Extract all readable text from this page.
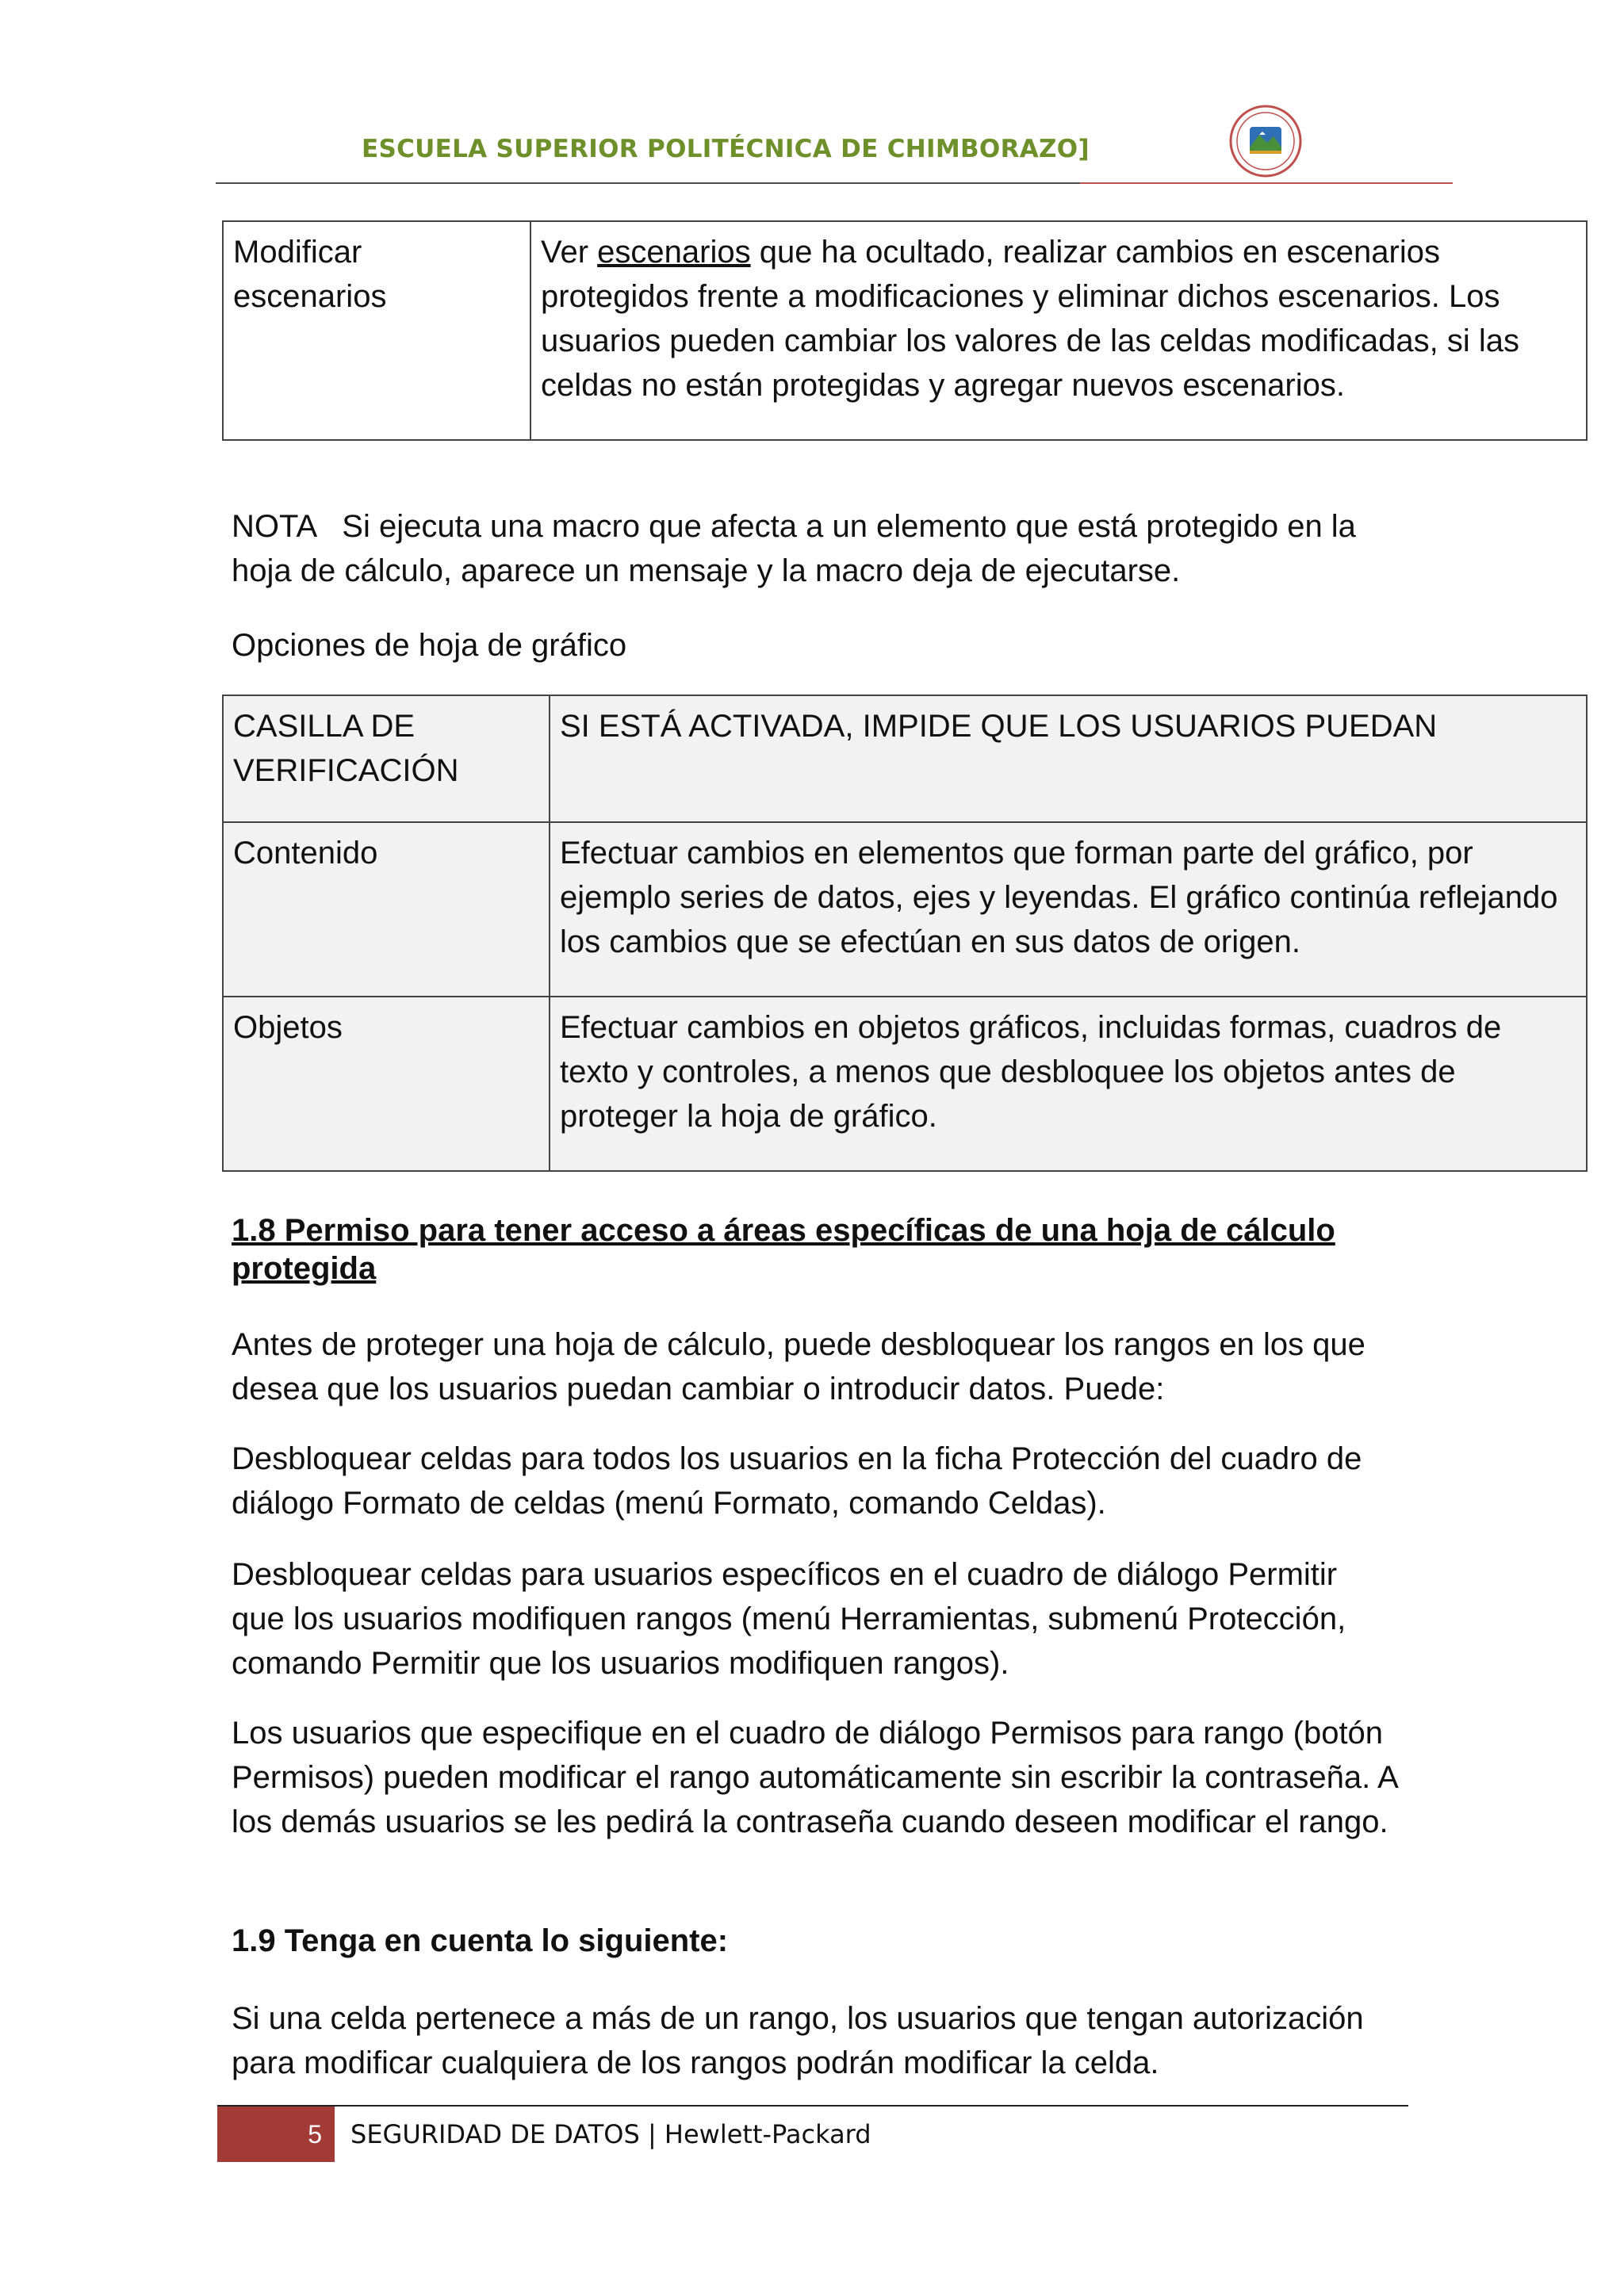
ESCUELA SUPERIOR POLITÉCNICA DE CHIMBORAZO]
Modificar
escenarios	Ver escenarios que ha ocultado, realizar cambios en escenarios protegidos frente a modificaciones y eliminar dichos escenarios. Los usuarios pueden cambiar los valores de las celdas modificadas, si las celdas no están protegidas y agregar nuevos escenarios.

NOTA   Si ejecuta una macro que afecta a un elemento que está protegido en la hoja de cálculo, aparece un mensaje y la macro deja de ejecutarse.

Opciones de hoja de gráfico

CASILLA DE VERIFICACIÓN	SI ESTÁ ACTIVADA, IMPIDE QUE LOS USUARIOS PUEDAN
Contenido	Efectuar cambios en elementos que forman parte del gráfico, por ejemplo series de datos, ejes y leyendas. El gráfico continúa reflejando los cambios que se efectúan en sus datos de origen.
Objetos	Efectuar cambios en objetos gráficos, incluidas formas, cuadros de texto y controles, a menos que desbloquee los objetos antes de proteger la hoja de gráfico.
1.8 Permiso para tener acceso a áreas específicas de una hoja de cálculo protegida

Antes de proteger una hoja de cálculo, puede desbloquear los rangos en los que desea que los usuarios puedan cambiar o introducir datos. Puede:

Desbloquear celdas para todos los usuarios en la ficha Protección del cuadro de diálogo Formato de celdas (menú Formato, comando Celdas).

Desbloquear celdas para usuarios específicos en el cuadro de diálogo Permitir que los usuarios modifiquen rangos (menú Herramientas, submenú Protección, comando Permitir que los usuarios modifiquen rangos).

Los usuarios que especifique en el cuadro de diálogo Permisos para rango (botón Permisos) pueden modificar el rango automáticamente sin escribir la contraseña. A los demás usuarios se les pedirá la contraseña cuando deseen modificar el rango.

1.9 Tenga en cuenta lo siguiente:

Si una celda pertenece a más de un rango, los usuarios que tengan autorización para modificar cualquiera de los rangos podrán modificar la celda.

5	SEGURIDAD DE DATOS | Hewlett-Packard
